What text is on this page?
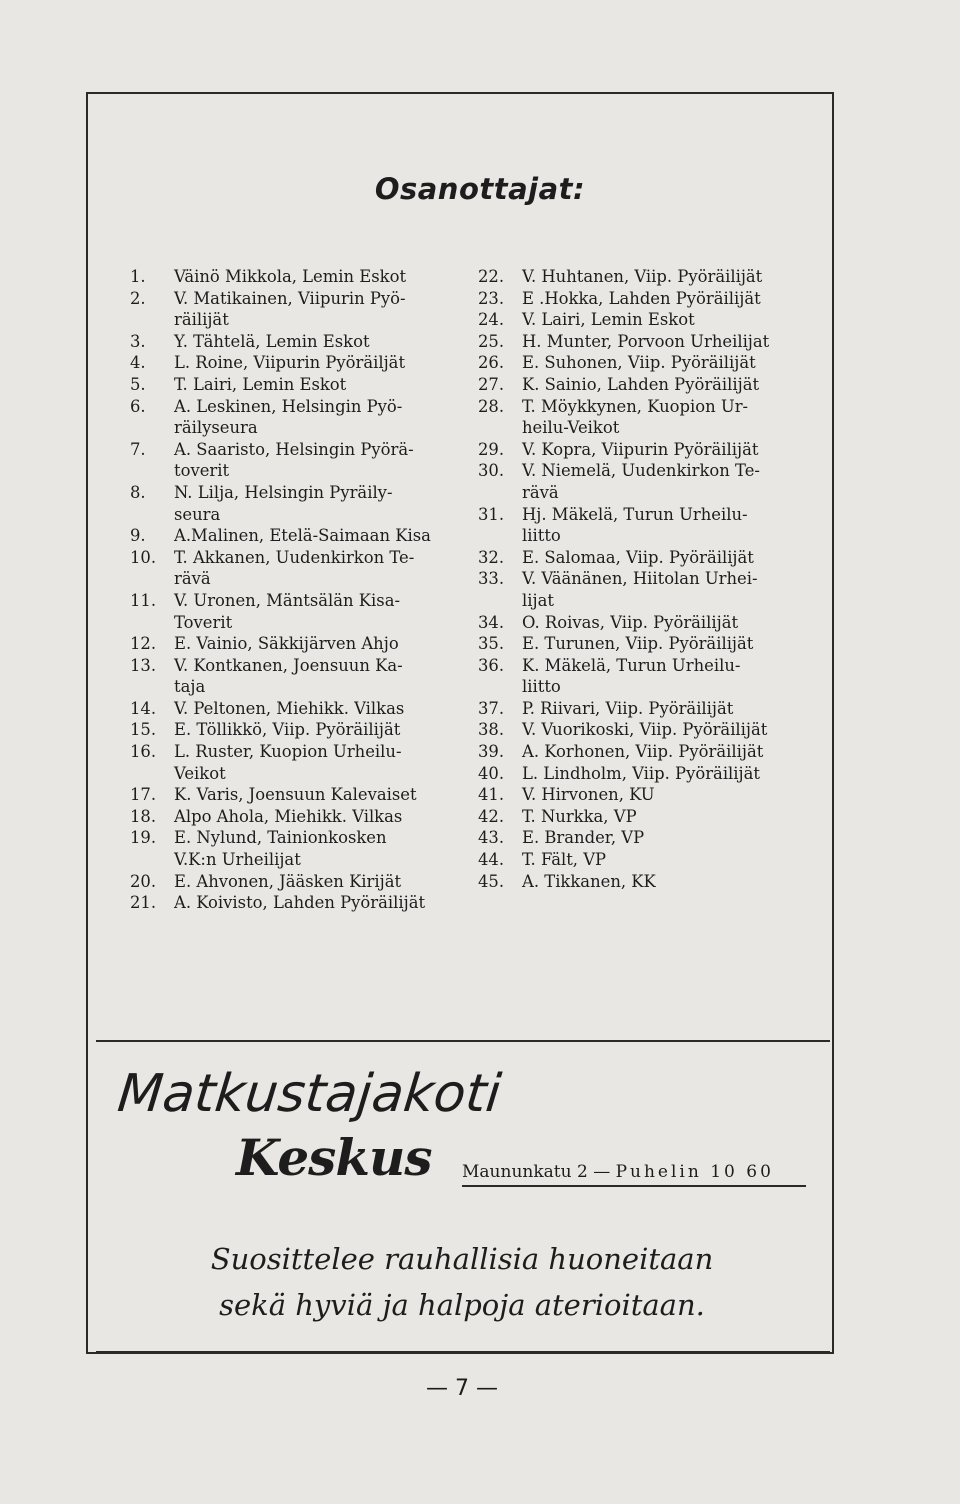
Osanottajat:
1.	Väinö Mikkola, Lemin Eskot
2.	V. Matikainen, Viipurin Pyö-
räilijät
3.	Y. Tähtelä, Lemin Eskot
4.	L. Roine, Viipurin Pyöräiljät
5.	T. Lairi, Lemin Eskot
6.	A. Leskinen, Helsingin Pyö-
räilyseura
7.	A. Saaristo, Helsingin Pyörä-
toverit
8.	N. Lilja, Helsingin Pyräily-
seura
9.	A.Malinen, Etelä-Saimaan Kisa
10.	T. Akkanen, Uudenkirkon Te-
rävä
11.	V. Uronen, Mäntsälän Kisa-
Toverit
12.	E. Vainio, Säkkijärven Ahjo
13.	V. Kontkanen, Joensuun Ka-
taja
14.	V. Peltonen, Miehikk. Vilkas
15.	E. Töllikkö, Viip. Pyöräilijät
16.	L. Ruster, Kuopion Urheilu-
Veikot
17.	K. Varis, Joensuun Kalevaiset
18.	Alpo Ahola, Miehikk. Vilkas
19.	E. Nylund, Tainionkosken
V.K:n Urheilijat
20.	E. Ahvonen, Jääsken Kirijät
21.	A. Koivisto, Lahden Pyöräilijät
22.	V. Huhtanen, Viip. Pyöräilijät
23.	E .Hokka, Lahden Pyöräilijät
24.	V. Lairi, Lemin Eskot
25.	H. Munter, Porvoon Urheilijat
26.	E. Suhonen, Viip. Pyöräilijät
27.	K. Sainio, Lahden Pyöräilijät
28.	T. Möykkynen, Kuopion Ur-
heilu-Veikot
29.	V. Kopra, Viipurin Pyöräilijät
30.	V. Niemelä, Uudenkirkon Te-
rävä
31.	Hj. Mäkelä, Turun Urheilu-
liitto
32.	E. Salomaa, Viip. Pyöräilijät
33.	V. Väänänen, Hiitolan Urhei-
lijat
34.	O. Roivas, Viip. Pyöräilijät
35.	E. Turunen, Viip. Pyöräilijät
36.	K. Mäkelä, Turun Urheilu-
liitto
37.	P. Riivari, Viip. Pyöräilijät
38.	V. Vuorikoski, Viip. Pyöräilijät
39.	A. Korhonen, Viip. Pyöräilijät
40.	L. Lindholm, Viip. Pyöräilijät
41.	V. Hirvonen, KU
42.	T. Nurkka, VP
43.	E. Brander, VP
44.	T. Fält, VP
45.	A. Tikkanen, KK
Matkustajakoti
Keskus Maununkatu 2 — Puhelin 10 60
Suosittelee rauhallisia huoneitaan
sekä hyviä ja halpoja aterioitaan.
— 7 —
